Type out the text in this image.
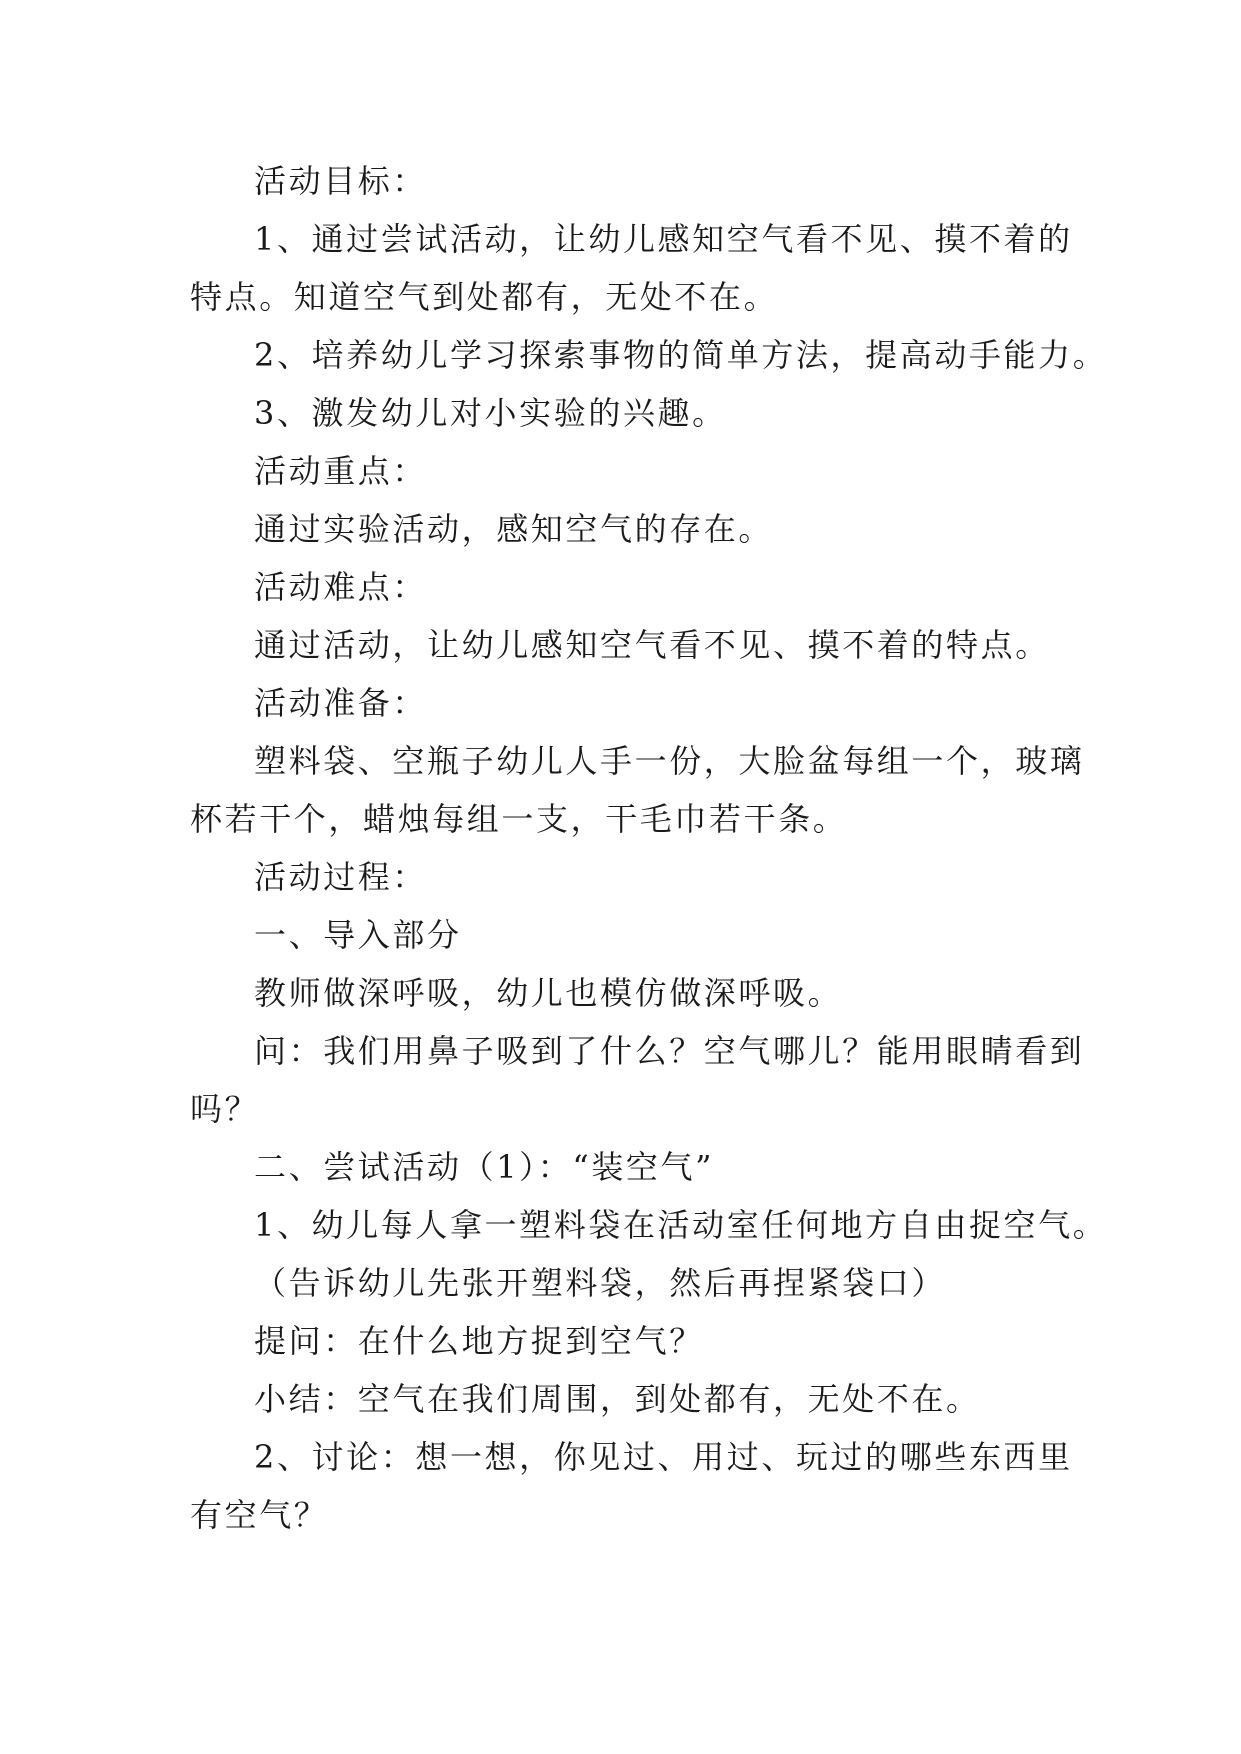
活动目标：
1、通过尝试活动，让幼儿感知空气看不见、摸不着的
特点。知道空气到处都有，无处不在。
2、培养幼儿学习探索事物的简单方法，提高动手能力。
3、激发幼儿对小实验的兴趣。
活动重点：
通过实验活动，感知空气的存在。
活动难点：
通过活动，让幼儿感知空气看不见、摸不着的特点。
活动准备：
塑料袋、空瓶子幼儿人手一份，大脸盆每组一个，玻璃
杯若干个，蜡烛每组一支，干毛巾若干条。
活动过程：
一、导入部分
教师做深呼吸，幼儿也模仿做深呼吸。
问：我们用鼻子吸到了什么？空气哪儿？能用眼睛看到
吗？
二、尝试活动（1）：“装空气”
1、幼儿每人拿一塑料袋在活动室任何地方自由捉空气。
（告诉幼儿先张开塑料袋，然后再捏紧袋口）
提问：在什么地方捉到空气？
小结：空气在我们周围，到处都有，无处不在。
2、讨论：想一想，你见过、用过、玩过的哪些东西里
有空气？
